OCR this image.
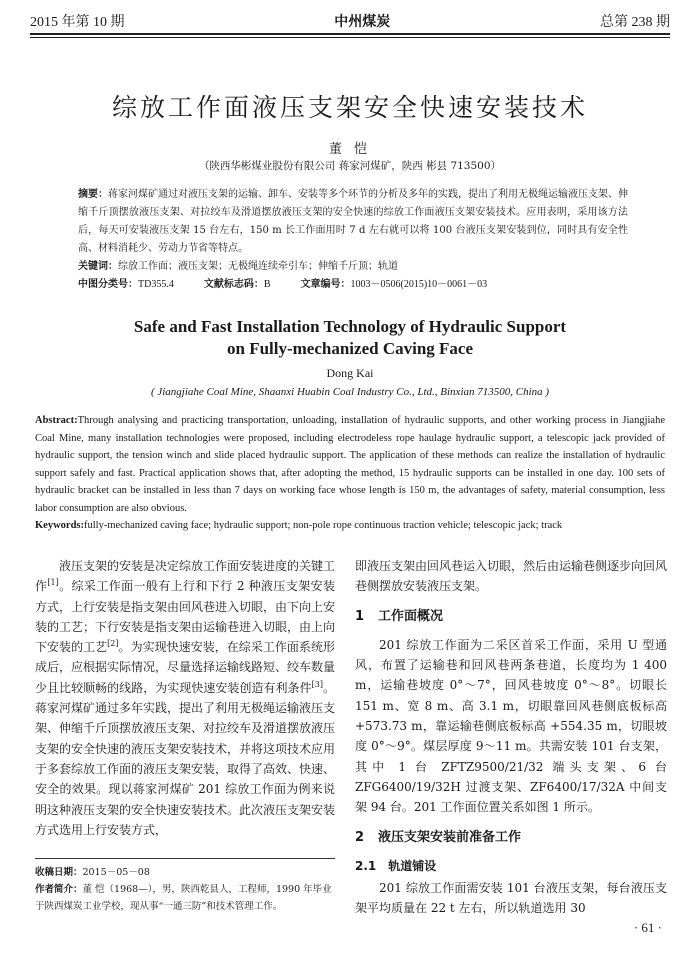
2015 年第 10 期	中州煤炭	总第 238 期
综放工作面液压支架安全快速安装技术
董 恺
（陕西华彬煤业股份有限公司 蒋家河煤矿，陕西 彬县 713500）
摘要：蒋家河煤矿通过对液压支架的运输、卸车、安装等多个环节的分析及多年的实践，提出了利用无极绳运输液压支架、伸缩千斤顶摆放液压支架、对拉绞车及滑道摆放液压支架的安全快速的综放工作面液压支架安装技术。应用表明，采用该方法后，每天可安装液压支架 15 台左右，150 m 长工作面用时 7 d 左右就可以将 100 台液压支架安装到位，同时具有安全性高、材料消耗少、劳动力节省等特点。
关键词：综放工作面；液压支架；无极绳连续牵引车；伸缩千斤顶；轨道
中图分类号：TD355.4	文献标志码：B	文章编号：1003－0506(2015)10－0061－03
Safe and Fast Installation Technology of Hydraulic Support
on Fully-mechanized Caving Face
Dong Kai
( Jiangjiahe Coal Mine, Shaanxi Huabin Coal Industry Co., Ltd., Binxian 713500, China )
Abstract:Through analysing and practicing transportation, unloading, installation of hydraulic supports, and other working process in Jiangjiahe Coal Mine, many installation technologies were proposed, including electrodeless rope haulage hydraulic support, a telescopic jack provided of hydraulic support, the tension winch and slide placed hydraulic support. The application of these methods can realize the installation of hydraulic support safely and fast. Practical application shows that, after adopting the method, 15 hydraulic supports can be installed in one day. 100 sets of hydraulic bracket can be installed in less than 7 days on working face whose length is 150 m, the advantages of safety, material consumption, less labor consumption are also obvious.
Keywords:fully-mechanized caving face; hydraulic support; non-pole rope continuous traction vehicle; telescopic jack; track

液压支架的安装是决定综放工作面安装进度的关键工作[1]。综采工作面一般有上行和下行 2 种液压支架安装方式，上行安装是指支架由回风巷进入切眼，由下向上安装的工艺；下行安装是指支架由运输巷进入切眼，由上向下安装的工艺[2]。为实现快速安装，在综采工作面系统形成后，应根据实际情况，尽量选择运输线路短、绞车数量少且比较顺畅的线路，为实现快速安装创造有利条件[3]。蒋家河煤矿通过多年实践，提出了利用无极绳运输液压支架、伸缩千斤顶摆放液压支架、对拉绞车及滑道摆放液压支架的安全快速的液压支架安装技术，并将这项技术应用于多套综放工作面的液压支架安装，取得了高效、快速、安全的效果。现以蒋家河煤矿 201 综放工作面为例来说明这种液压支架的安全快速安装技术。此次液压支架安装方式选用上行安装方式，

即液压支架由回风巷运入切眼，然后由运输巷侧逐步向回风巷侧摆放安装液压支架。

1 工作面概况

201 综放工作面为二采区首采工作面，采用 U 型通风，布置了运输巷和回风巷两条巷道，长度均为 1 400 m，运输巷坡度 0°～7°，回风巷坡度 0°～8°。切眼长 151 m、宽 8 m、高 3.1 m，切眼靠回风巷侧底板标高 +573.73 m，靠运输巷侧底板标高 +554.35 m，切眼坡度 0°～9°。煤层厚度 9～11 m。共需安装 101 台支架，其中 1 台 ZFTZ9500/21/32 端头支架、6 台 ZFG6400/19/32H 过渡支架、ZF6400/17/32A 中间支架 94 台。201 工作面位置关系如图 1 所示。

2 液压支架安装前准备工作
2.1 轨道铺设

201 综放工作面需安装 101 台液压支架，每台液压支架平均质量在 22 t 左右，所以轨道选用 30

收稿日期：2015－05－08
作者简介：董 恺（1968—），男，陕西乾县人，工程师，1990 年毕业于陕西煤炭工业学校，现从事“一通三防”和技术管理工作。
· 61 ·
